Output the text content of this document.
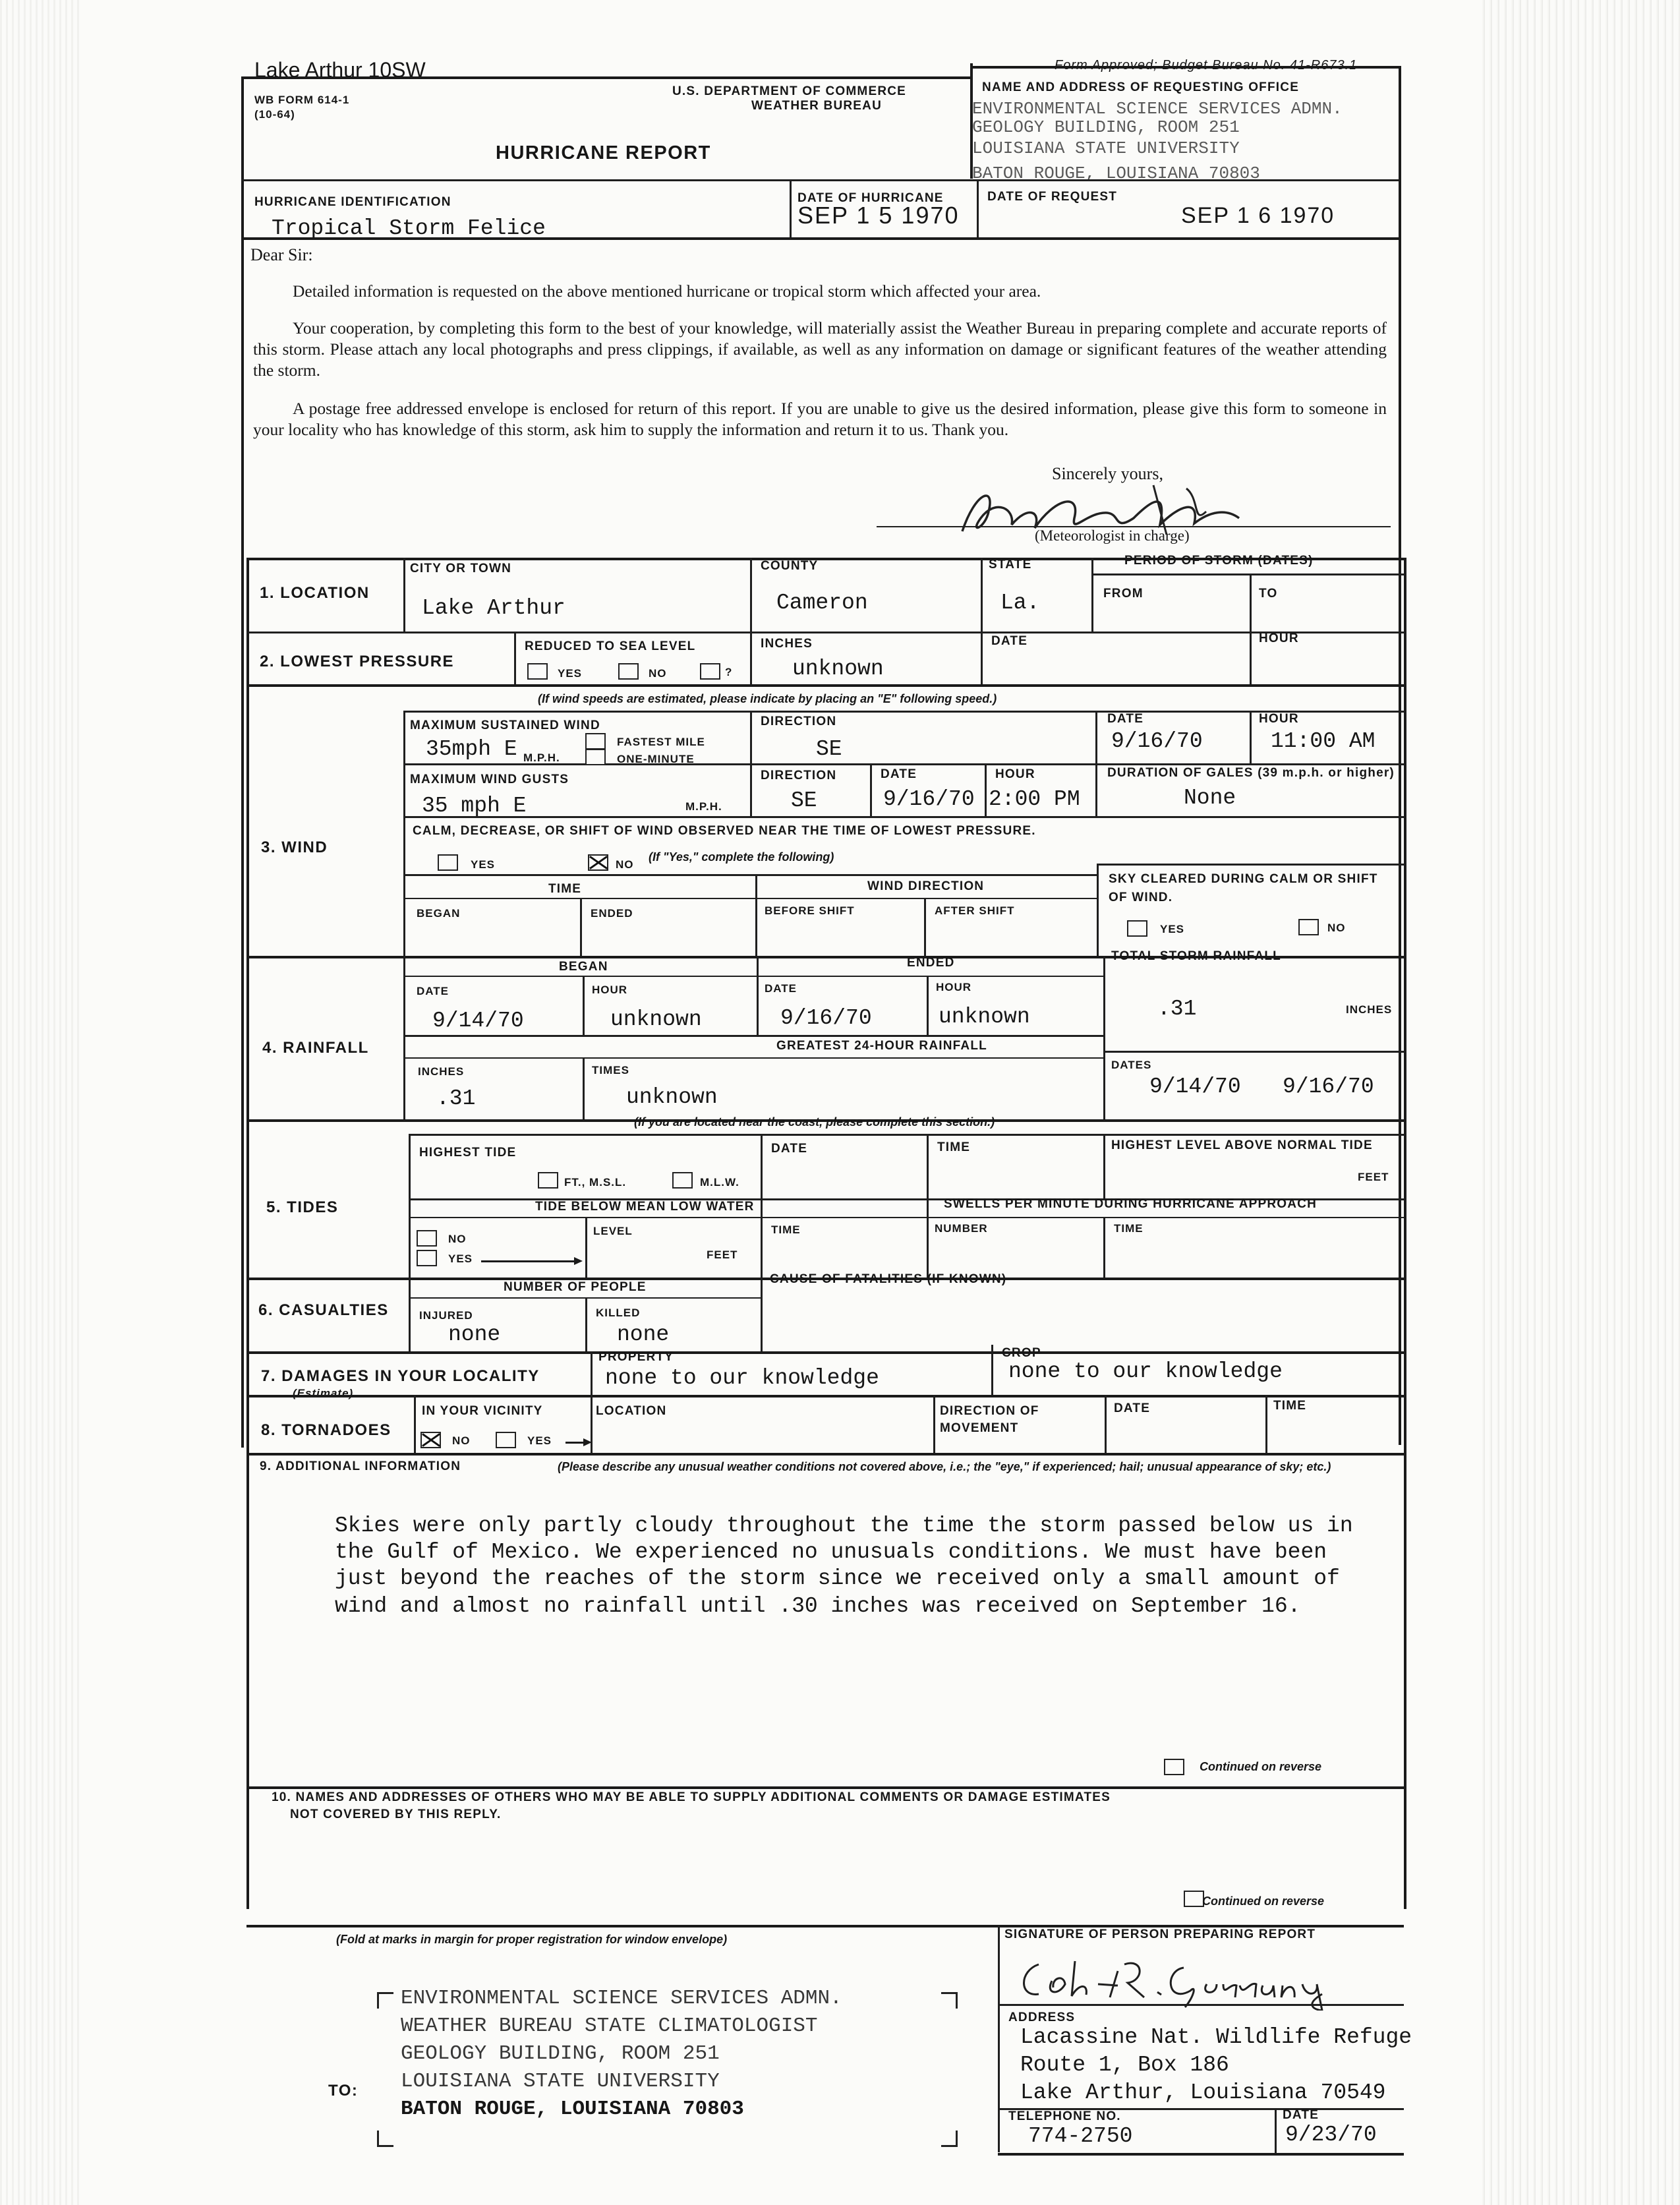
Lake Arthur 10SW
WB FORM 614-1
(10-64)
U.S. DEPARTMENT OF COMMERCE
WEATHER BUREAU
HURRICANE REPORT
Form Approved; Budget Bureau No. 41-R673.1
NAME AND ADDRESS OF REQUESTING OFFICE
ENVIRONMENTAL SCIENCE SERVICES ADMN.
GEOLOGY BUILDING, ROOM 251
LOUISIANA STATE UNIVERSITY
BATON ROUGE, LOUISIANA 70803
HURRICANE IDENTIFICATION
Tropical Storm Felice
DATE OF HURRICANE
SEP 1 5 1970
DATE OF REQUEST
SEP 1 6 1970
Dear Sir:
Detailed information is requested on the above mentioned hurricane or tropical storm which affected your area.
Your cooperation, by completing this form to the best of your knowledge, will materially assist the Weather Bureau in preparing complete and accurate reports of this storm. Please attach any local photographs and press clippings, if available, as well as any information on damage or significant features of the weather attending the storm.
A postage free addressed envelope is enclosed for return of this report. If you are unable to give us the desired information, please give this form to someone in your locality who has knowledge of this storm, ask him to supply the information and return it to us. Thank you.
Sincerely yours,
(Meteorologist in charge)
1. LOCATION
CITY OR TOWN
Lake Arthur
COUNTY
Cameron
STATE
La.
PERIOD OF STORM (DATES)
FROM	TO
2. LOWEST PRESSURE
REDUCED TO SEA LEVEL
YES	NO	?
INCHES
unknown
DATE	HOUR
(If wind speeds are estimated, please indicate by placing an "E" following speed.)
3. WIND
MAXIMUM SUSTAINED WIND
35mph E M.P.H.
FASTEST MILE
ONE-MINUTE
DIRECTION
SE
DATE
9/16/70
HOUR
11:00 AM
MAXIMUM WIND GUSTS
35 mph E	M.P.H.
DIRECTION
SE
DATE
9/16/70
HOUR
2:00 PM
DURATION OF GALES (39 m.p.h. or higher)
None
CALM, DECREASE, OR SHIFT OF WIND OBSERVED NEAR THE TIME OF LOWEST PRESSURE.
YES	NO
(If "Yes," complete the following)
TIME	WIND DIRECTION
BEGAN	ENDED	BEFORE SHIFT	AFTER SHIFT
SKY CLEARED DURING CALM OR SHIFT OF WIND.
YES	NO
4. RAINFALL
BEGAN	ENDED
DATE
9/14/70
HOUR
unknown
DATE
9/16/70
HOUR
unknown
TOTAL STORM RAINFALL
.31	INCHES
GREATEST 24-HOUR RAINFALL
INCHES
.31
TIMES
unknown
DATES
9/14/70 9/16/70
(If you are located near the coast, please complete this section.)
5. TIDES
HIGHEST TIDE
FT., M.S.L.	M.L.W.
DATE	TIME	HIGHEST LEVEL ABOVE NORMAL TIDE
FEET
TIDE BELOW MEAN LOW WATER	SWELLS PER MINUTE DURING HURRICANE APPROACH
NO
YES
LEVEL
FEET
TIME	NUMBER	TIME
6. CASUALTIES
NUMBER OF PEOPLE
INJURED
none
KILLED
none
CAUSE OF FATALITIES (IF KNOWN)
7. DAMAGES IN YOUR LOCALITY
(Estimate)
PROPERTY
none to our knowledge
CROP
none to our knowledge
8. TORNADOES
IN YOUR VICINITY
NO	YES
LOCATION	DIRECTION OF MOVEMENT
DATE	TIME
9. ADDITIONAL INFORMATION	(Please describe any unusual weather conditions not covered above, i.e.; the "eye," if experienced; hail; unusual appearance of sky; etc.)
Skies were only partly cloudy throughout the time the storm passed below us in
the Gulf of Mexico. We experienced no unusuals conditions. We must have been
just beyond the reaches of the storm since we received only a small amount of
wind and almost no rainfall until .30 inches was received on September 16.
Continued on reverse
10. NAMES AND ADDRESSES OF OTHERS WHO MAY BE ABLE TO SUPPLY ADDITIONAL COMMENTS OR DAMAGE ESTIMATES
NOT COVERED BY THIS REPLY.
Continued on reverse
(Fold at marks in margin for proper registration for window envelope)
TO:
ENVIRONMENTAL SCIENCE SERVICES ADMN.
WEATHER BUREAU STATE CLIMATOLOGIST
GEOLOGY BUILDING, ROOM 251
LOUISIANA STATE UNIVERSITY
BATON ROUGE, LOUISIANA 70803
SIGNATURE OF PERSON PREPARING REPORT
ADDRESS
Lacassine Nat. Wildlife Refuge
Route 1, Box 186
Lake Arthur, Louisiana 70549
TELEPHONE NO.
774-2750
DATE
9/23/70
